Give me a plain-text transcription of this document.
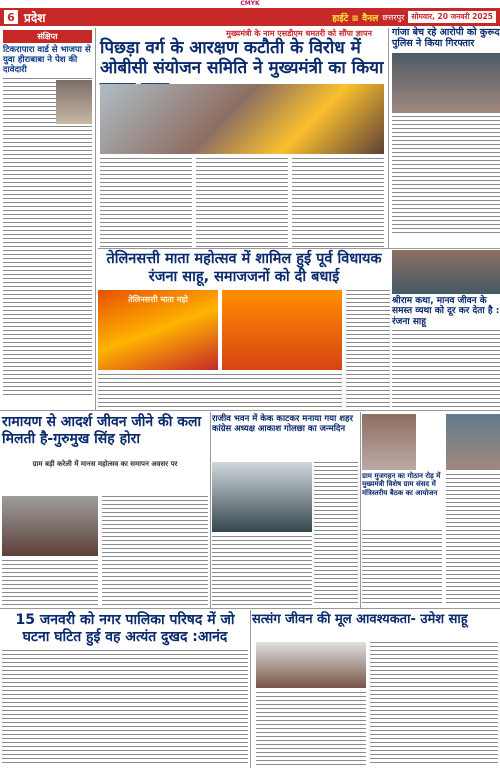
CMYK
6 प्रदेश	हाईटे ≡ वैनल छत्तरपुर सोमवार, 20 जनवरी 2025
संक्षिप्त
टिकरापारा वार्ड से भाजपा से युवा हीराबाबा ने पेश की दावेदारी
मुख्यमंत्री के नाम एसडीएम धमतरी को सौंपा ज्ञापन
पिछड़ा वर्ग के आरक्षण कटौती के विरोध में ओबीसी संयोजन समिति ने मुख्यमंत्री का किया
गांजा बेच रहे आरोपी को कुरूद पुलिस ने किया गिरफ्तार
तेलिनसत्ती माता महोत्सव में शामिल हुई पूर्व विधायक रंजना साहू, समाजजनों को दी बधाई
तेलिनसत्ती माता महो	श्रीराम कथा, मानव जीवन के समस्त व्यथा को दूर कर देता है : रंजना साहू
रामायण से आदर्श जीवन जीने की कला मिलती है-गुरुमुख सिंह होरा
ग्राम बड़ी करेली में मानस महोत्सव का समापन अवसर पर
राजीव भवन में केक काटकर मनाया गया शहर कांग्रेस अध्यक्ष आकाश गोलछा का जन्मदिन
ग्राम मुजगहन का गोठान रोड़ में मुख्यमंत्री विशेष ग्राम संसद में मंत्रिस्तरीय बैठक का आयोजन
15 जनवरी को नगर पालिका परिषद में जो घटना घटित हुई वह अत्यंत दुखद :आनंद
सत्संग जीवन की मूल आवश्यकता- उमेश साहू
